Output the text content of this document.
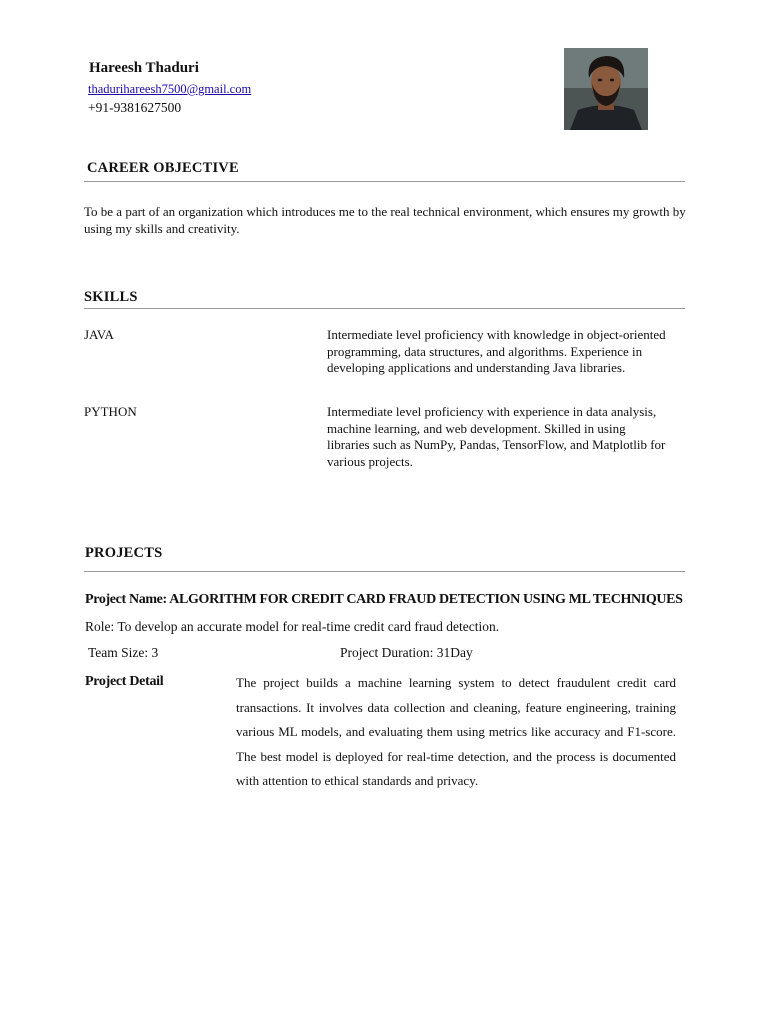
Hareesh Thaduri
thadurihareesh7500@gmail.com
+91-9381627500
CAREER OBJECTIVE
To be a part of an organization which introduces me to the real technical environment, which ensures my growth by using my skills and creativity.
SKILLS
JAVA	Intermediate level proficiency with knowledge in object-oriented programming, data structures, and algorithms. Experience in developing applications and understanding Java libraries.
PYTHON	Intermediate level proficiency with experience in data analysis, machine learning, and web development. Skilled in using libraries such as NumPy, Pandas, TensorFlow, and Matplotlib for various projects.
PROJECTS
Project Name: ALGORITHM FOR CREDIT CARD FRAUD DETECTION USING ML TECHNIQUES
Role: To develop an accurate model for real-time credit card fraud detection.
Team Size: 3	Project Duration: 31Day
Project Detail	The project builds a machine learning system to detect fraudulent credit card transactions. It involves data collection and cleaning, feature engineering, training various ML models, and evaluating them using metrics like accuracy and F1-score. The best model is deployed for real-time detection, and the process is documented with attention to ethical standards and privacy.
